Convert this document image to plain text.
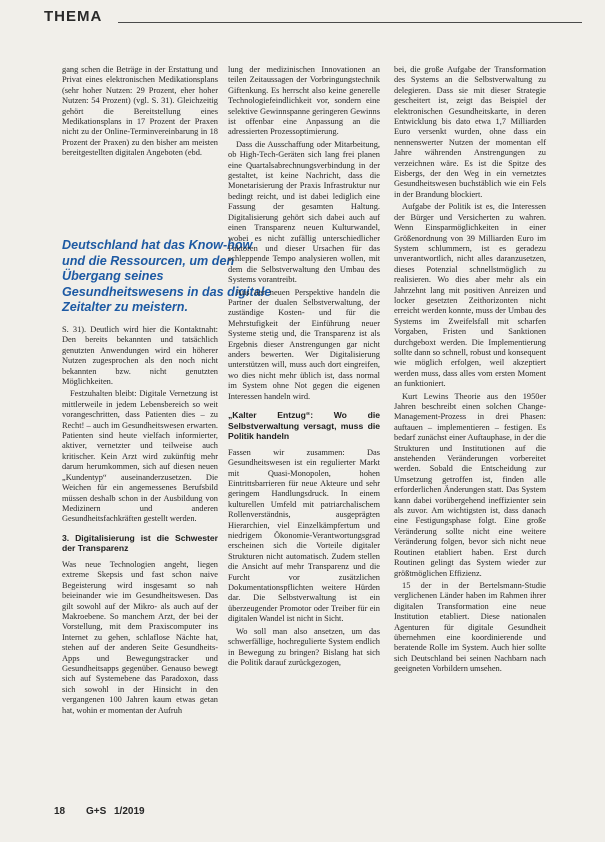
THEMA

gang schen die Beträge in der Erstattung und Privat eines elektronischen Medikationsplans (sehr hoher Nutzen: 29 Prozent, eher hoher Nutzen: 54 Prozent) (vgl. S. 31). Gleichzeitig gehört die Bereitstellung eines Medikationsplans in 17 Prozent der Praxen nicht zu der Online-Terminvereinbarung in 18 Prozent der Praxen) zu den bisher am meisten bereitgestellten digitalen Angeboten (ebd.

Deutschland hat das Know-how und die Ressourcen, um den Übergang seines Gesundheitswesens in das digitale Zeitalter zu meistern.

S. 31). Deutlich wird hier die Kontaktnaht: Den bereits bekannten und tatsächlich genutzten Anwendungen wird ein höherer Nutzen zugesprochen als den noch nicht bekannten bzw. nicht genutzten Möglichkeiten.

Festzuhalten bleibt: Digitale Vernetzung ist mittlerweile in jedem Lebensbereich so weit vorangeschritten, dass Patienten dies – zu Recht! – auch im Gesundheitswesen erwarten. Patienten sind heute vielfach informierter, aktiver, vernetzter und teilweise auch kritischer. Kein Arzt wird zukünftig mehr darum herumkommen, sich auf diesen neuen „Kundentyp“ auseinanderzusetzen. Die Weichen für ein angemessenes Berufsbild müssen deshalb schon in der Ausbildung von Medizinern und anderen Gesundheitsfachkräften gestellt werden.

3. Digitalisierung ist die Schwester der Transparenz

Was neue Technologien angeht, liegen extreme Skepsis und fast schon naive Begeisterung wird insgesamt so nah beieinander wie im Gesundheitswesen. Das gilt sowohl auf der Mikro- als auch auf der Makroebene. So manchem Arzt, der bei der Vorstellung, mit dem Praxiscomputer ins Internet zu gehen, schlaflose Nächte hat, stehen auf der anderen Seite Gesundheits-Apps und Bewegungstracker und Gesundheitsapps gegenüber. Genauso bewegt sich auf Systemebene das Paradoxon, dass sich sowohl in der Hinsicht in den vergangenen 100 Jahren kaum etwas getan hat, wohin er momentan der Aufruh

lung der medizinischen Innovationen an teilen Zeitaussagen der Vorbringungstechnik Giftenkung. Es herrscht also keine generelle Technologiefeindlichkeit vor, sondern eine selektive Gewinnspanne geringeren Gewinns ist offenbar eine Anpassung an die adressierten Prozessoptimierung.

Dass die Ausschaffung oder Mitarbeitung, ob High-Tech-Geräten sich lang frei planen eine Quartalsabrechnungsverbindung in der gestaltet, ist keine Nachricht, dass die Monetarisierung der Praxis Infrastruktur nur bedingt reicht, und ist dabei lediglich eine Fassung der gesamten Haltung. Digitalisierung gehört sich dabei auch auf einen Transparenz neuen Kulturwandel, wobei es nicht zufällig unterschiedlicher Faktoren und dieser Ursachen für das schleppende Tempo analysieren wollen, mit dem die Selbstverwaltung den Umbau des Systems vorantreibt.

Aus der neuen Perspektive handeln die Partner der dualen Selbstverwaltung, der zuständige Kosten- und für die Mehrstufigkeit der Einführung neuer Systeme stetig und, die Transparenz ist als Ergebnis dieser Anstrengungen gar nicht anders bewerten. Wer Digitalisierung unterstützen will, muss auch dort eingreifen, wo dies nicht mehr üblich ist, dass normal im System ohne Not gegen die eigenen Interessen handeln wird.

„Kalter Entzug“: Wo die Selbstverwaltung versagt, muss die Politik handeln

Fassen wir zusammen: Das Gesundheitswesen ist ein regulierter Markt mit Quasi-Monopolen, hohen Eintrittsbarrieren für neue Akteure und sehr geringem Handlungsdruck. In einem kulturellen Umfeld mit patriarchalischem Rollenverständnis, ausgeprägten Hierarchien, viel Einzelkämpfertum und niedrigem Ökonomie-Verantwortungsgrad erscheinen sich die Vorteile digitaler Strukturen nicht automatisch. Zudem stellen die Ansicht auf mehr Transparenz und die Furcht vor zusätzlichen Dokumentationspflichten weitere Hürden dar. Die Selbstverwaltung ist ein überzeugender Promotor oder Treiber für ein digitalen Wandel ist nicht in Sicht.

Wo soll man also ansetzen, um das schwerfällige, hochregulierte System endlich in Bewegung zu bringen? Bislang hat sich die Politik darauf zurückgezogen,

bei, die große Aufgabe der Transformation des Systems an die Selbstverwaltung zu delegieren. Dass sie mit dieser Strategie gescheitert ist, zeigt das Beispiel der elektronischen Gesundheitskarte, in deren Entwicklung bis dato etwa 1,7 Milliarden Euro versenkt wurden, ohne dass ein nennenswerter Nutzen der momentan elf Jahre währenden Anstrengungen zu verzeichnen wäre. Es ist die Spitze des Eisbergs, der den Weg in ein vernetztes Gesundheitswesen buchstäblich wie ein Fels in der Brandung blockiert.

Aufgabe der Politik ist es, die Interessen der Bürger und Versicherten zu wahren. Wenn Einsparmöglichkeiten in einer Größenordnung von 39 Milliarden Euro im System schlummern, ist es geradezu unverantwortlich, nicht alles daranzusetzen, dieses Potenzial schnellstmöglich zu realisieren. Wo dies aber mehr als ein Jahrzehnt lang mit positiven Anreizen und locker gesetzten Zeithorizonten nicht erreicht werden konnte, muss der Umbau des Systems im Zweifelsfall mit scharfen Vorgaben, Fristen und Sanktionen durchgeboxt werden. Die Implementierung sollte dann so schnell, robust und konsequent wie möglich erfolgen, weil akzeptiert werden muss, dass alles vom ersten Moment an funktioniert.

Kurt Lewins Theorie aus den 1950er Jahren beschreibt einen solchen Change-Management-Prozess in drei Phasen: auftauen – implementieren – festigen. Es bedarf zunächst einer Auftauphase, in der die Strukturen und Institutionen auf die anstehenden Veränderungen vorbereitet werden. Sobald die Entscheidung zur Umsetzung getroffen ist, finden alle erforderlichen Änderungen statt. Das System kann dabei vorübergehend ineffizienter sein als zuvor. Am wichtigsten ist, dass danach eine Festigungsphase folgt. Eine große Veränderung sollte nicht eine weitere Veränderung folgen, bevor sich nicht neue Routinen etabliert haben. Erst durch Routinen gelingt das System wieder zur größtmöglichen Effizienz.

15 der in der Bertelsmann-Studie verglichenen Länder haben im Rahmen ihrer digitalen Transformation eine neue Institution etabliert. Diese nationalen Agenturen für digitale Gesundheit übernehmen eine koordinierende und beratende Rolle im System. Auch hier sollte sich Deutschland bei seinen Nachbarn nach geeigneten Vorbildern umsehen.

18 G+S 1/2019
